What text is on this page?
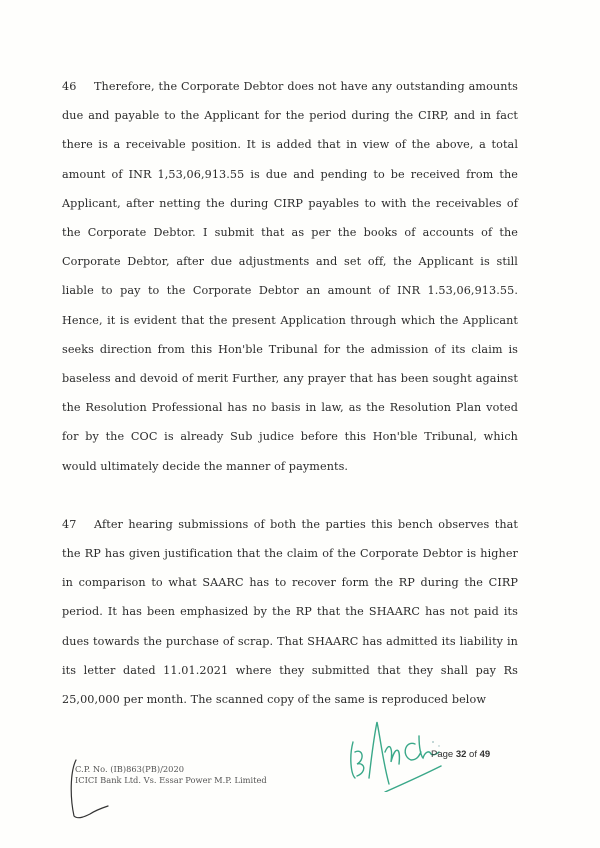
46 Therefore, the Corporate Debtor does not have any outstanding amounts due and payable to the Applicant for the period during the CIRP, and in fact there is a receivable position. It is added that in view of the above, a total amount of INR 1,53,06,913.55 is due and pending to be received from the Applicant, after netting the during CIRP payables to with the receivables of the Corporate Debtor. I submit that as per the books of accounts of the Corporate Debtor, after due adjustments and set off, the Applicant is still liable to pay to the Corporate Debtor an amount of INR 1.53,06,913.55. Hence, it is evident that the present Application through which the Applicant seeks direction from this Hon'ble Tribunal for the admission of its claim is baseless and devoid of merit Further, any prayer that has been sought against the Resolution Professional has no basis in law, as the Resolution Plan voted for by the COC is already Sub judice before this Hon'ble Tribunal, which would ultimately decide the manner of payments.

47 After hearing submissions of both the parties this bench observes that the RP has given justification that the claim of the Corporate Debtor is higher in comparison to what SAARC has to recover form the RP during the CIRP period. It has been emphasized by the RP that the SHAARC has not paid its dues towards the purchase of scrap. That SHAARC has admitted its liability in its letter dated 11.01.2021 where they submitted that they shall pay Rs 25,00,000 per month. The scanned copy of the same is reproduced below

Page 32 of 49
C.P. No. (IB)863(PB)/2020
ICICI Bank Ltd. Vs. Essar Power M.P. Limited
